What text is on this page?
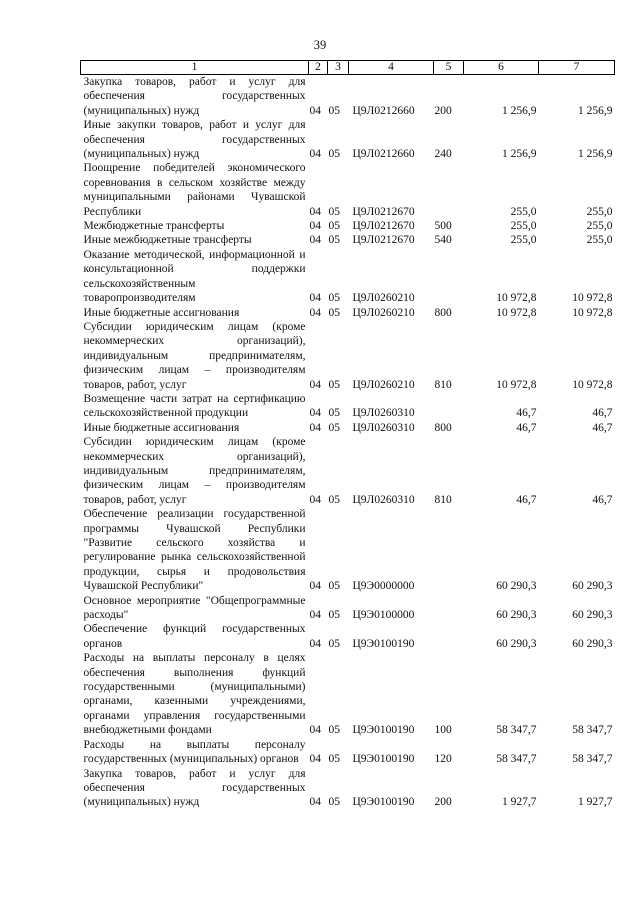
39
1	2	3	4	5	6	7
Закупка товаров, работ и услуг для обеспечения государственных (муниципальных) нужд	04	05	Ц9Л0212660	200	1 256,9	1 256,9
Иные закупки товаров, работ и услуг для обеспечения государственных (муниципальных) нужд	04	05	Ц9Л0212660	240	1 256,9	1 256,9
Поощрение победителей экономического соревнования в сельском хозяйстве между муниципальными районами Чувашской Республики	04	05	Ц9Л0212670		255,0	255,0
Межбюджетные трансферты	04	05	Ц9Л0212670	500	255,0	255,0
Иные межбюджетные трансферты	04	05	Ц9Л0212670	540	255,0	255,0
Оказание методической, информационной и консультационной поддержки сельскохозяйственным товаропроизводителям	04	05	Ц9Л0260210		10 972,8	10 972,8
Иные бюджетные ассигнования	04	05	Ц9Л0260210	800	10 972,8	10 972,8
Субсидии юридическим лицам (кроме некоммерческих организаций), индивидуальным предпринимателям, физическим лицам – производителям товаров, работ, услуг	04	05	Ц9Л0260210	810	10 972,8	10 972,8
Возмещение части затрат на сертификацию сельскохозяйственной продукции	04	05	Ц9Л0260310		46,7	46,7
Иные бюджетные ассигнования	04	05	Ц9Л0260310	800	46,7	46,7
Субсидии юридическим лицам (кроме некоммерческих организаций), индивидуальным предпринимателям, физическим лицам – производителям товаров, работ, услуг	04	05	Ц9Л0260310	810	46,7	46,7
Обеспечение реализации государственной программы Чувашской Республики "Развитие сельского хозяйства и регулирование рынка сельскохозяйственной продукции, сырья и продовольствия Чувашской Республики"	04	05	Ц9Э0000000		60 290,3	60 290,3
Основное мероприятие "Общепрограммные расходы"	04	05	Ц9Э0100000		60 290,3	60 290,3
Обеспечение функций государственных органов	04	05	Ц9Э0100190		60 290,3	60 290,3
Расходы на выплаты персоналу в целях обеспечения выполнения функций государственными (муниципальными) органами, казенными учреждениями, органами управления государственными внебюджетными фондами	04	05	Ц9Э0100190	100	58 347,7	58 347,7
Расходы на выплаты персоналу государственных (муниципальных) органов	04	05	Ц9Э0100190	120	58 347,7	58 347,7
Закупка товаров, работ и услуг для обеспечения государственных (муниципальных) нужд	04	05	Ц9Э0100190	200	1 927,7	1 927,7
